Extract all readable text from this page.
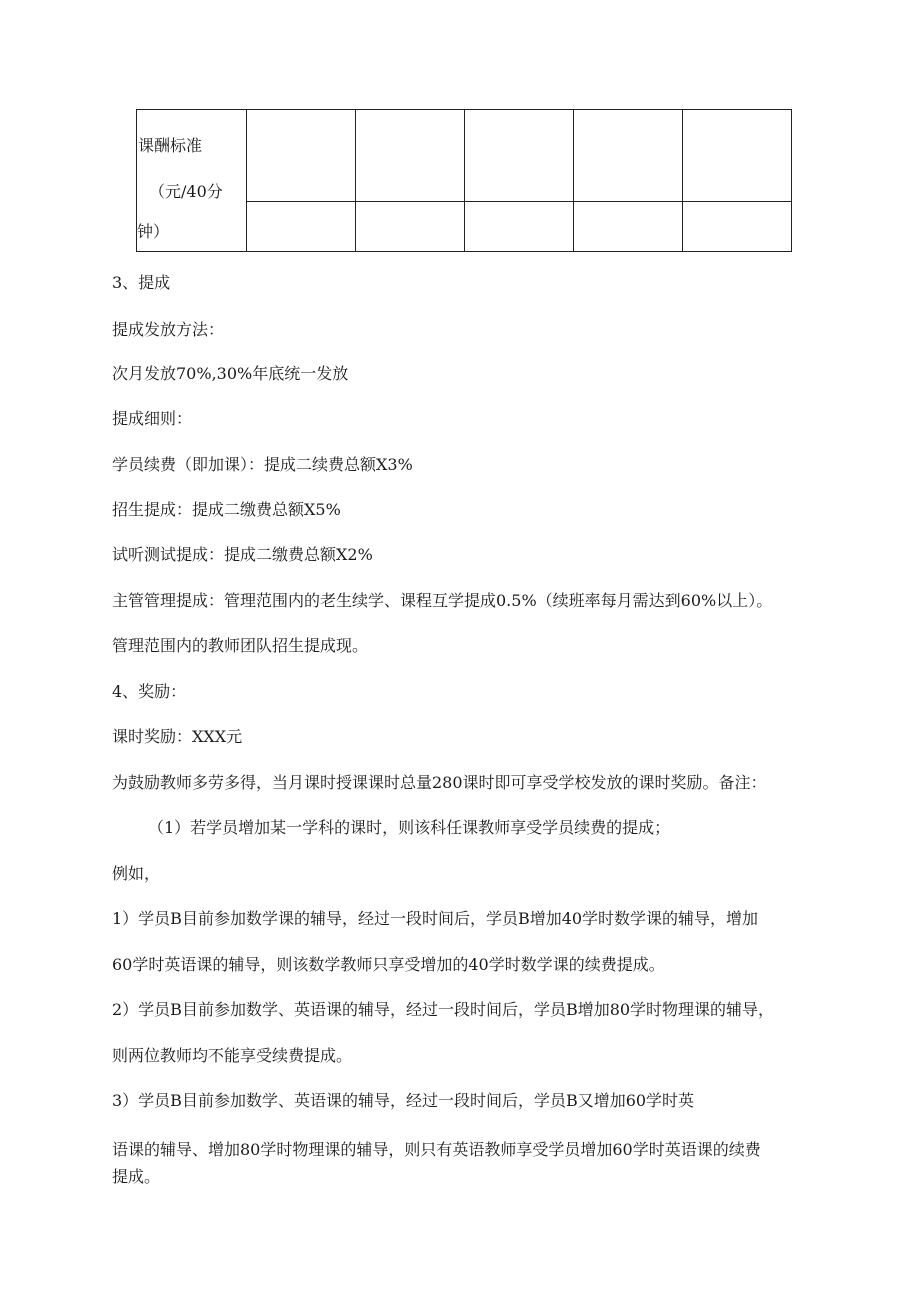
课酬标准
（元/40分					

钟）
3、提成
提成发放方法：
次月发放70%,30%年底统一发放
提成细则：
学员续费（即加课）：提成二续费总额X3%
招生提成：提成二缴费总额X5%
试听测试提成：提成二缴费总额X2%
主管管理提成：管理范围内的老生续学、课程互学提成0.5%（续班率每月需达到60%以上）。
管理范围内的教师团队招生提成现。
4、奖励：
课时奖励：XXX元
为鼓励教师多劳多得，当月课时授课课时总量280课时即可享受学校发放的课时奖励。备注：
（1）若学员增加某一学科的课时，则该科任课教师享受学员续费的提成；
例如，
1）学员B目前参加数学课的辅导，经过一段时间后，学员B增加40学时数学课的辅导，增加
60学时英语课的辅导，则该数学教师只享受增加的40学时数学课的续费提成。
2）学员B目前参加数学、英语课的辅导，经过一段时间后，学员B增加80学时物理课的辅导，
则两位教师均不能享受续费提成。
3）学员B目前参加数学、英语课的辅导，经过一段时间后，学员B又增加60学时英
语课的辅导、增加80学时物理课的辅导，则只有英语教师享受学员增加60学时英语课的续费
提成。
